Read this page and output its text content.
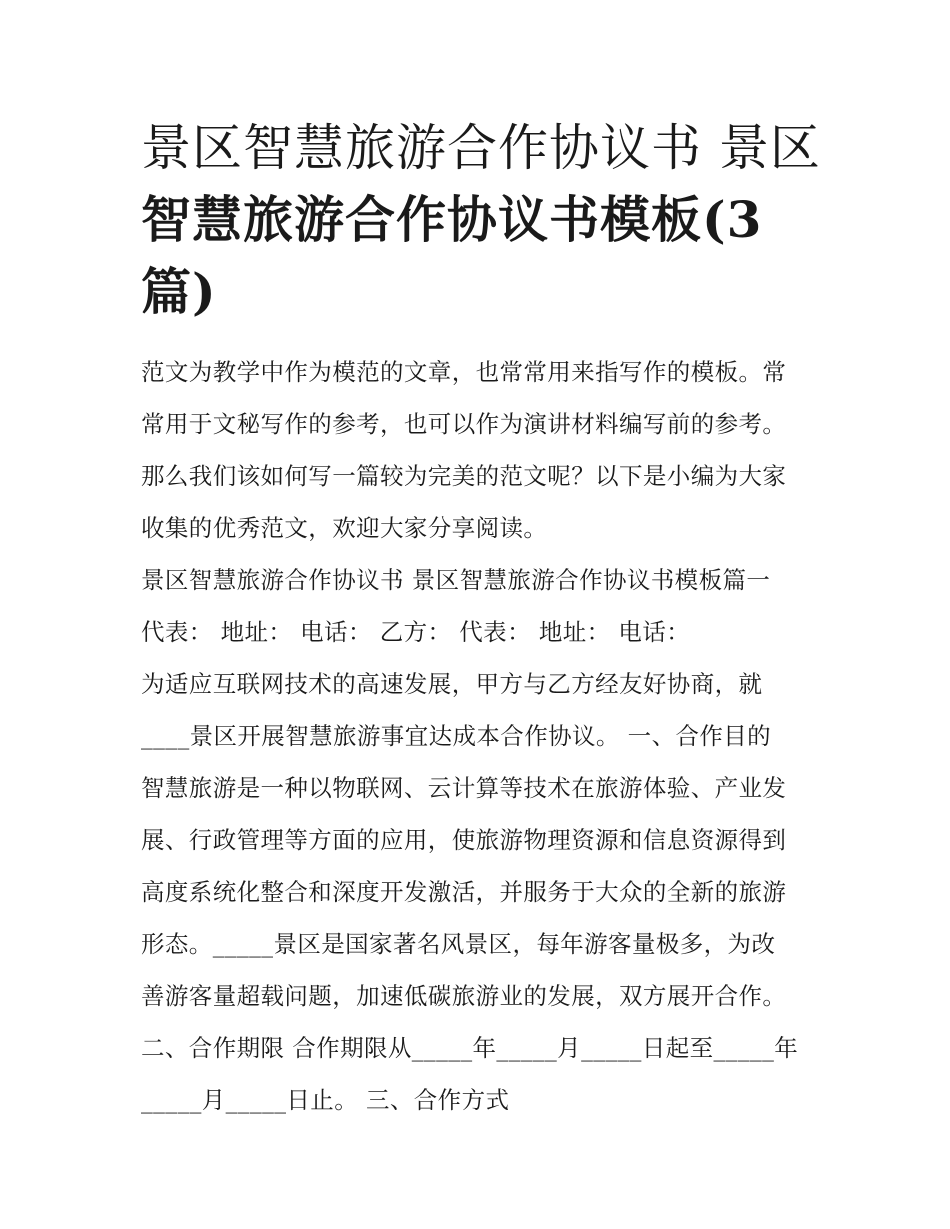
景区智慧旅游合作协议书 景区
智慧旅游合作协议书模板(3
篇)
范文为教学中作为模范的文章，也常常用来指写作的模板。常
常用于文秘写作的参考，也可以作为演讲材料编写前的参考。
那么我们该如何写一篇较为完美的范文呢？以下是小编为大家
收集的优秀范文，欢迎大家分享阅读。
景区智慧旅游合作协议书 景区智慧旅游合作协议书模板篇一
代表： 地址： 电话： 乙方： 代表： 地址： 电话：
为适应互联网技术的高速发展，甲方与乙方经友好协商，就
____景区开展智慧旅游事宜达成本合作协议。 一、合作目的
智慧旅游是一种以物联网、云计算等技术在旅游体验、产业发
展、行政管理等方面的应用，使旅游物理资源和信息资源得到
高度系统化整合和深度开发激活，并服务于大众的全新的旅游
形态。_____景区是国家著名风景区，每年游客量极多，为改
善游客量超载问题，加速低碳旅游业的发展，双方展开合作。
二、合作期限 合作期限从_____年_____月_____日起至_____年
_____月_____日止。 三、合作方式
